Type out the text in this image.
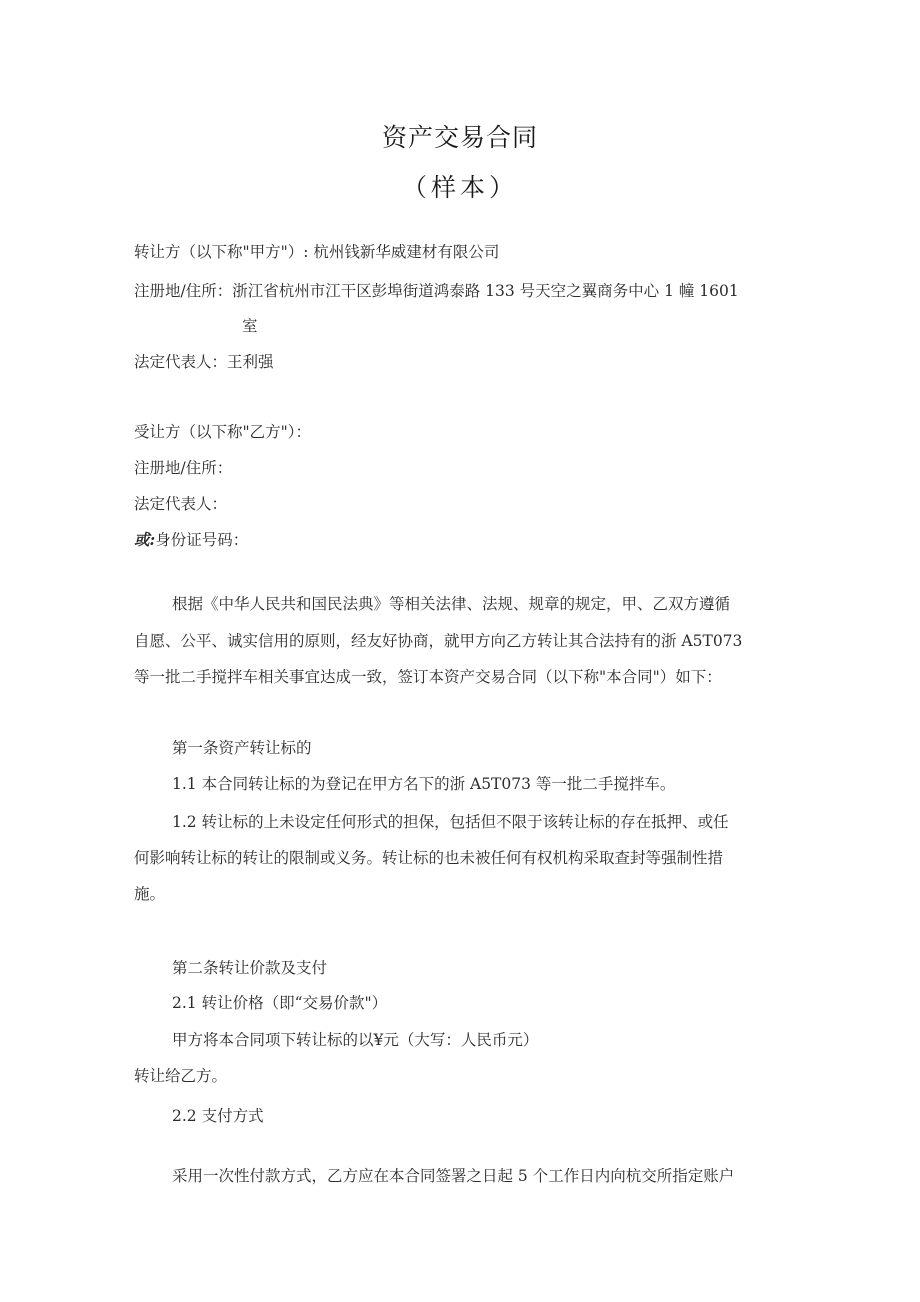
资产交易合同
（样本）
转让方（以下称"甲方"）: 杭州钱新华威建材有限公司
注册地/住所：浙江省杭州市江干区彭埠街道鸿泰路 133 号天空之翼商务中心 1 幢 1601
室
法定代表人：王利强
受让方（以下称"乙方"）：
注册地/住所：
法定代表人：
或:身份证号码：
根据《中华人民共和国民法典》等相关法律、法规、规章的规定，甲、乙双方遵循
自愿、公平、诚实信用的原则，经友好协商，就甲方向乙方转让其合法持有的浙 A5T073
等一批二手搅拌车相关事宜达成一致，签订本资产交易合同（以下称"本合同"）如下：
第一条资产转让标的
1.1 本合同转让标的为登记在甲方名下的浙 A5T073 等一批二手搅拌车。
1.2 转让标的上未设定任何形式的担保，包括但不限于该转让标的存在抵押、或任
何影响转让标的转让的限制或义务。转让标的也未被任何有权机构采取查封等强制性措
施。
第二条转让价款及支付
2.1 转让价格（即“交易价款"）
甲方将本合同项下转让标的以¥元（大写：人民币元）
转让给乙方。
2.2 支付方式
采用一次性付款方式，乙方应在本合同签署之日起 5 个工作日内向杭交所指定账户
